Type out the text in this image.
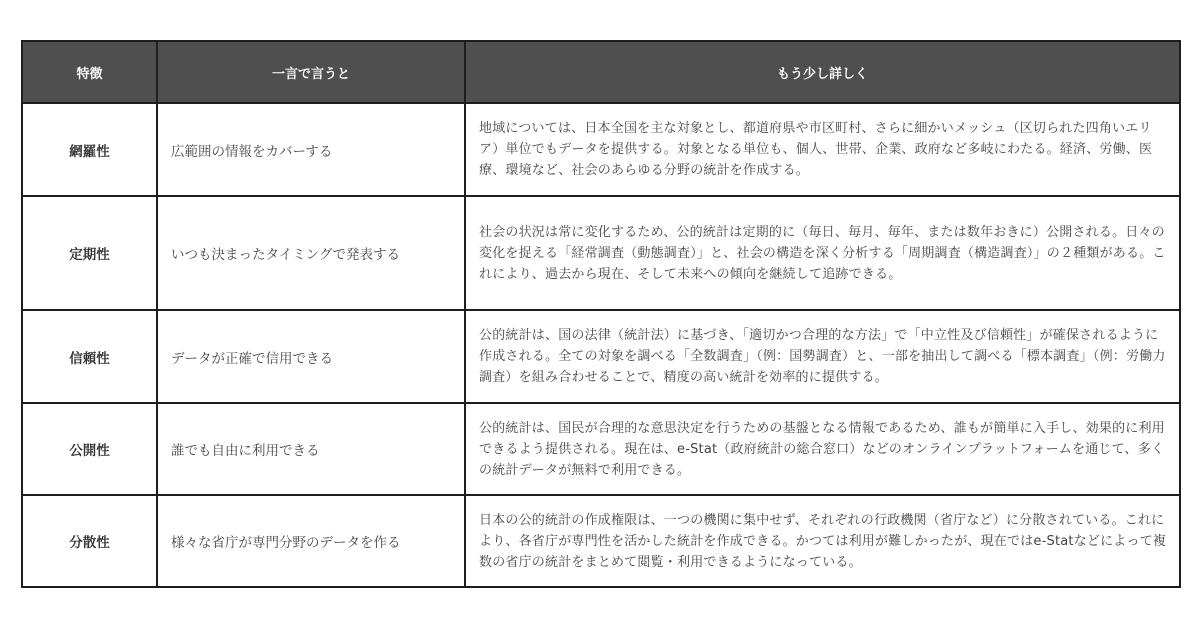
特徴	一言で言うと	もう少し詳しく
網羅性	広範囲の情報をカバーする	地域については、日本全国を主な対象とし、都道府県や市区町村、さらに細かいメッシュ（区切られた四角いエリア）単位でもデータを提供する。対象となる単位も、個人、世帯、企業、政府など多岐にわたる。経済、労働、医療、環境など、社会のあらゆる分野の統計を作成する。
定期性	いつも決まったタイミングで発表する	社会の状況は常に変化するため、公的統計は定期的に（毎日、毎月、毎年、または数年おきに）公開される。日々の変化を捉える「経常調査（動態調査）」と、社会の構造を深く分析する「周期調査（構造調査）」の２種類がある。これにより、過去から現在、そして未来への傾向を継続して追跡できる。
信頼性	データが正確で信用できる	公的統計は、国の法律（統計法）に基づき、「適切かつ合理的な方法」で「中立性及び信頼性」が確保されるように作成される。全ての対象を調べる「全数調査」（例：国勢調査）と、一部を抽出して調べる「標本調査」（例：労働力調査）を組み合わせることで、精度の高い統計を効率的に提供する。
公開性	誰でも自由に利用できる	公的統計は、国民が合理的な意思決定を行うための基盤となる情報であるため、誰もが簡単に入手し、効果的に利用できるよう提供される。現在は、e-Stat（政府統計の総合窓口）などのオンラインプラットフォームを通じて、多くの統計データが無料で利用できる。
分散性	様々な省庁が専門分野のデータを作る	日本の公的統計の作成権限は、一つの機関に集中せず、それぞれの行政機関（省庁など）に分散されている。これにより、各省庁が専門性を活かした統計を作成できる。かつては利用が難しかったが、現在ではe-Statなどによって複数の省庁の統計をまとめて閲覧・利用できるようになっている。
